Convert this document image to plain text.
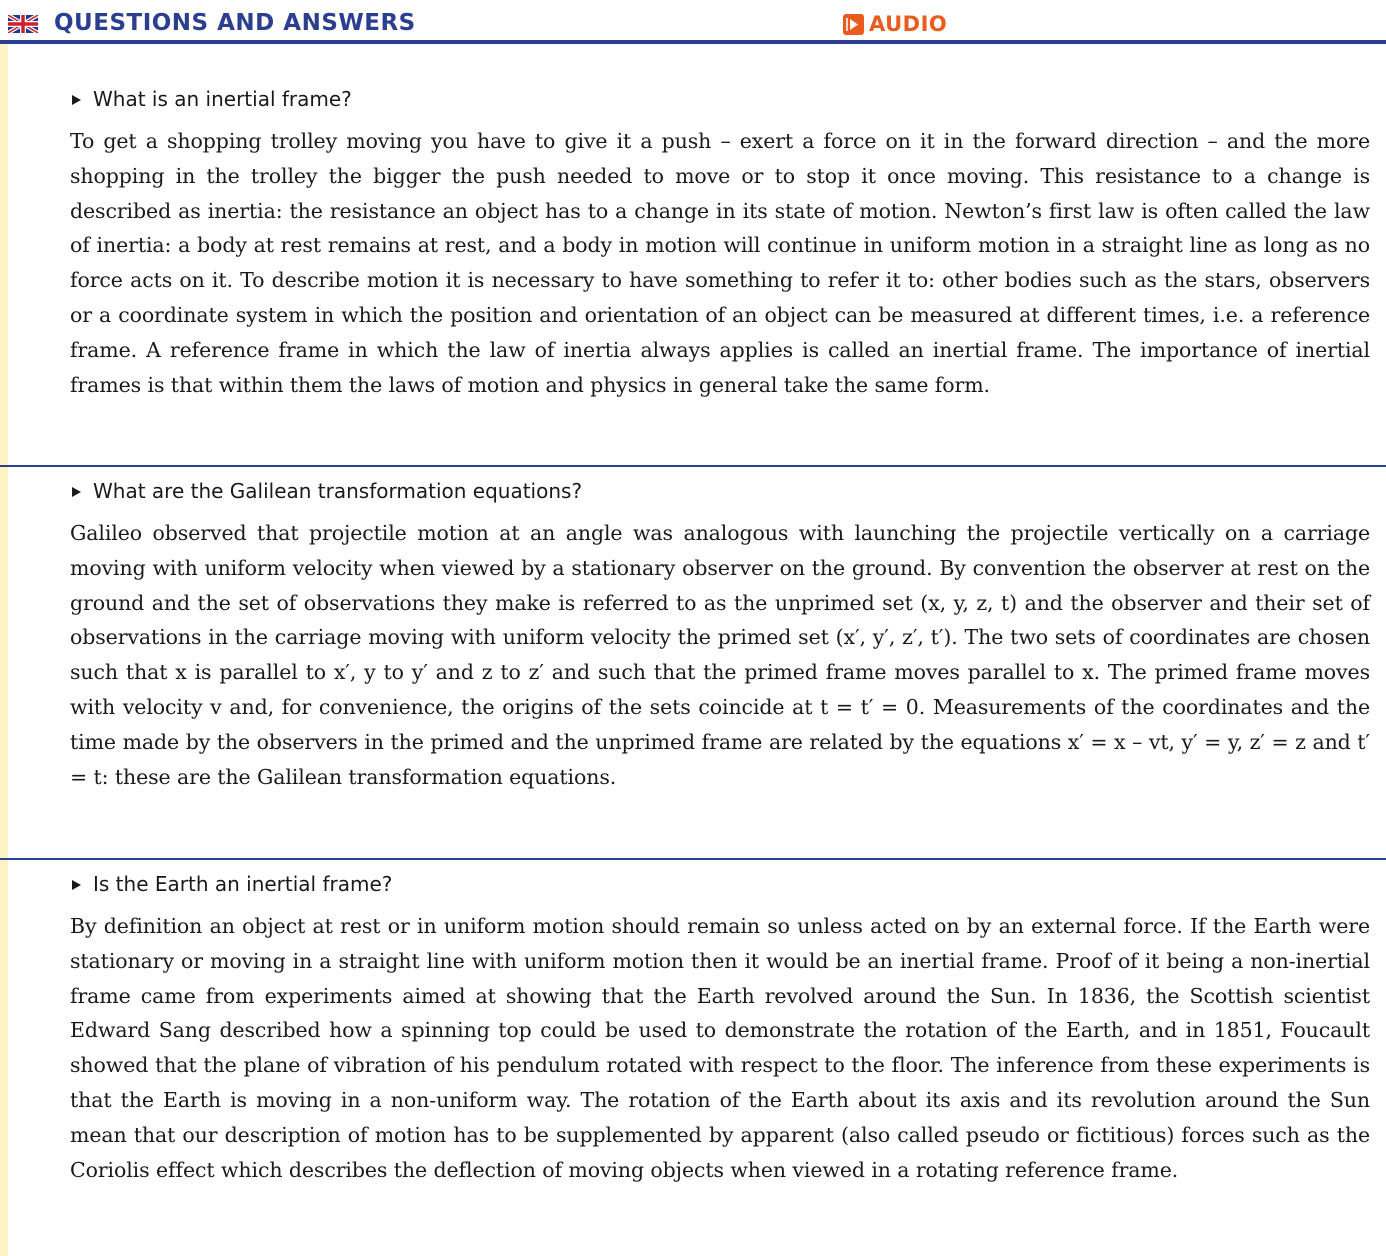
QUESTIONS AND ANSWERS	AUDIO
What is an inertial frame?

To get a shopping trolley moving you have to give it a push – exert a force on it in the forward direction – and the more shopping in the trolley the bigger the push needed to move or to stop it once moving. This resistance to a change is described as inertia: the resistance an object has to a change in its state of motion. Newton’s first law is often called the law of inertia: a body at rest remains at rest, and a body in motion will continue in uniform motion in a straight line as long as no force acts on it. To describe motion it is necessary to have something to refer it to: other bodies such as the stars, observers or a coordinate system in which the position and orientation of an object can be measured at different times, i.e. a reference frame. A reference frame in which the law of inertia always applies is called an inertial frame. The importance of inertial frames is that within them the laws of motion and physics in general take the same form.

What are the Galilean transformation equations?

Galileo observed that projectile motion at an angle was analogous with launching the projectile vertically on a carriage moving with uniform velocity when viewed by a stationary observer on the ground. By convention the observer at rest on the ground and the set of observations they make is referred to as the unprimed set (x, y, z, t) and the observer and their set of observations in the carriage moving with uniform velocity the primed set (x′, y′, z′, t′). The two sets of coordinates are chosen such that x is parallel to x′, y to y′ and z to z′ and such that the primed frame moves parallel to x. The primed frame moves with velocity v and, for convenience, the origins of the sets coincide at t = t′ = 0. Measurements of the coordinates and the time made by the observers in the primed and the unprimed frame are related by the equations x′ = x – vt, y′ = y, z′ = z and t′ = t: these are the Galilean transformation equations.

Is the Earth an inertial frame?

By definition an object at rest or in uniform motion should remain so unless acted on by an external force. If the Earth were stationary or moving in a straight line with uniform motion then it would be an inertial frame. Proof of it being a non-inertial frame came from experiments aimed at showing that the Earth revolved around the Sun. In 1836, the Scottish scientist Edward Sang described how a spinning top could be used to demonstrate the rotation of the Earth, and in 1851, Foucault showed that the plane of vibration of his pendulum rotated with respect to the floor. The inference from these experiments is that the Earth is moving in a non-uniform way. The rotation of the Earth about its axis and its revolution around the Sun mean that our description of motion has to be supplemented by apparent (also called pseudo or fictitious) forces such as the Coriolis effect which describes the deflection of moving objects when viewed in a rotating reference frame.
